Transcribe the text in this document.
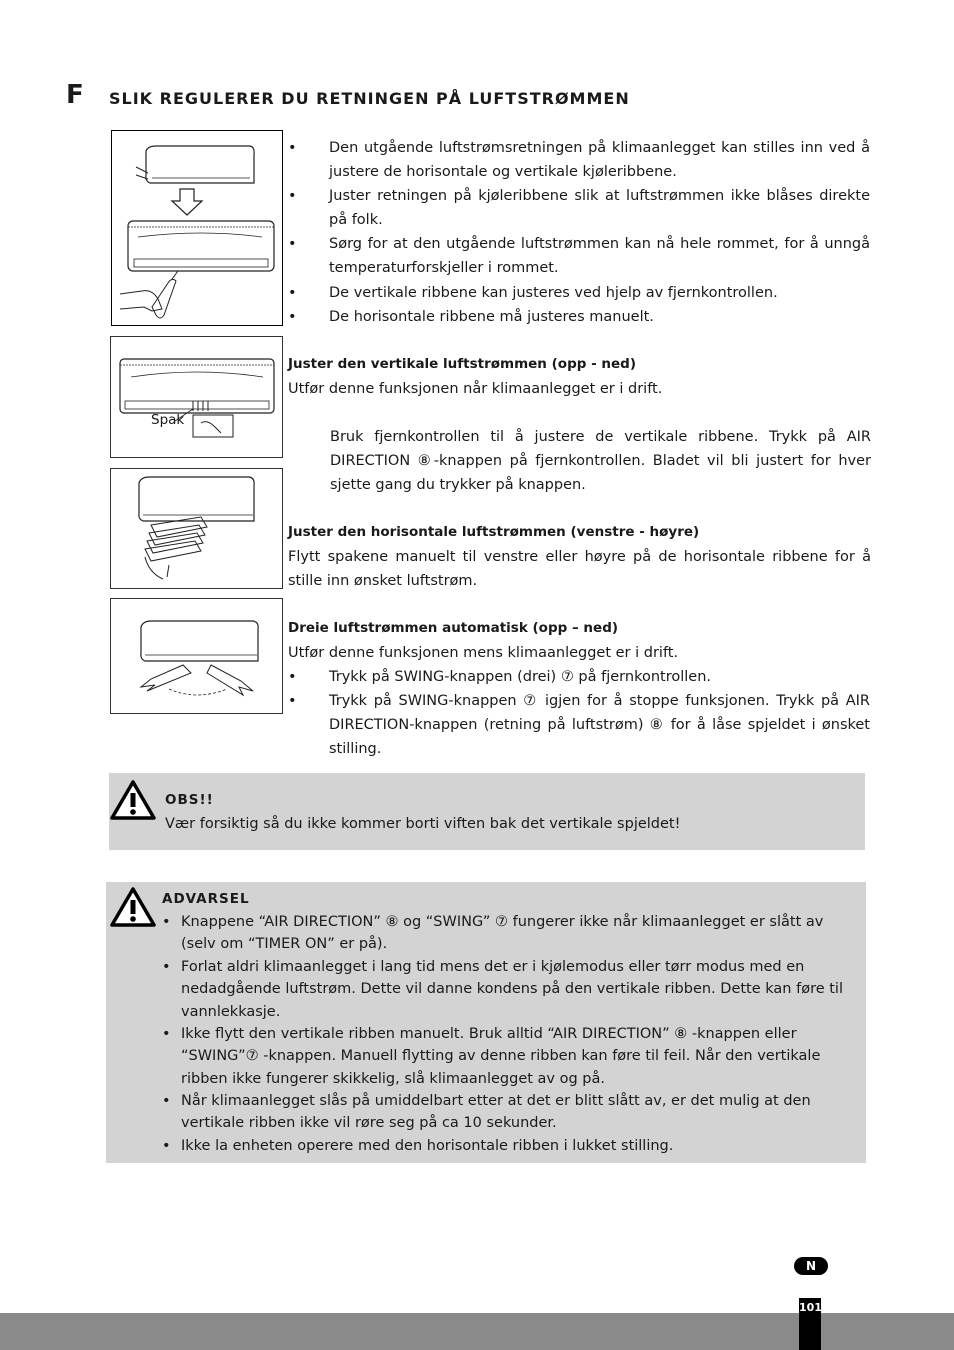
F SLIK REGULERER DU RETNINGEN PÅ LUFTSTRØMMEN
Spak
• Den utgående luftstrømsretningen på klimaanlegget kan stilles inn ved å justere de horisontale og vertikale kjøleribbene.
• Juster retningen på kjøleribbene slik at luftstrømmen ikke blåses direkte på folk.
• Sørg for at den utgående luftstrømmen kan nå hele rommet, for å unngå temperaturforskjeller i rommet.
• De vertikale ribbene kan justeres ved hjelp av fjernkontrollen.
• De horisontale ribbene må justeres manuelt.
Juster den vertikale luftstrømmen (opp - ned)
Utfør denne funksjonen når klimaanlegget er i drift.
Bruk fjernkontrollen til å justere de vertikale ribbene. Trykk på AIR DIRECTION ⑧-knappen på fjernkontrollen. Bladet vil bli justert for hver sjette gang du trykker på knappen.
Juster den horisontale luftstrømmen (venstre - høyre)
Flytt spakene manuelt til venstre eller høyre på de horisontale ribbene for å stille inn ønsket luftstrøm.
Dreie luftstrømmen automatisk (opp – ned)
Utfør denne funksjonen mens klimaanlegget er i drift.
• Trykk på SWING-knappen (drei) ⑦ på fjernkontrollen.
• Trykk på SWING-knappen ⑦ igjen for å stoppe funksjonen. Trykk på AIR DIRECTION-knappen (retning på luftstrøm) ⑧ for å låse spjeldet i ønsket stilling.
OBS!!
Vær forsiktig så du ikke kommer borti viften bak det vertikale spjeldet!
ADVARSEL
• Knappene “AIR DIRECTION” ⑧ og “SWING” ⑦ fungerer ikke når klimaanlegget er slått av (selv om “TIMER ON” er på).
• Forlat aldri klimaanlegget i lang tid mens det er i kjølemodus eller tørr modus med en nedadgående luftstrøm. Dette vil danne kondens på den vertikale ribben. Dette kan føre til vannlekkasje.
• Ikke flytt den vertikale ribben manuelt. Bruk alltid “AIR DIRECTION” ⑧ -knappen eller “SWING”⑦ -knappen. Manuell flytting av denne ribben kan føre til feil. Når den vertikale ribben ikke fungerer skikkelig, slå klimaanlegget av og på.
• Når klimaanlegget slås på umiddelbart etter at det er blitt slått av, er det mulig at den vertikale ribben ikke vil røre seg på ca 10 sekunder.
• Ikke la enheten operere med den horisontale ribben i lukket stilling.
N
101
